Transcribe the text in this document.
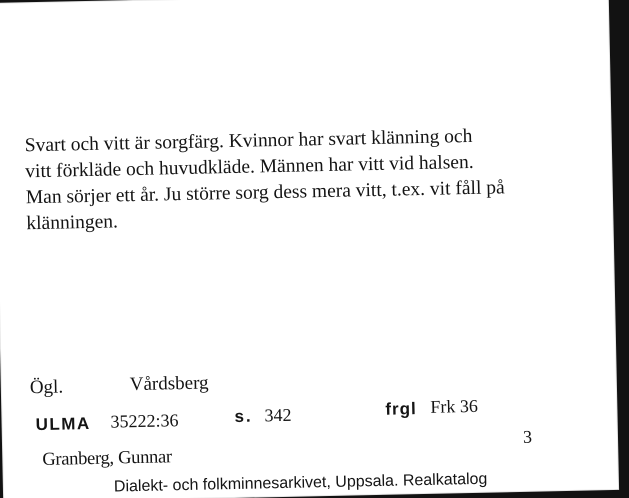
Svart och vitt är sorgfärg. Kvinnor har svart klänning och
vitt förkläde och huvudkläde. Männen har vitt vid halsen.
Man sörjer ett år. Ju större sorg dess mera vitt, t.ex. vit fåll på
klänningen.
Ögl.	Vårdsberg
ULMA 35222:36	s. 342	frgl Frk 36
Granberg, Gunnar
3
Dialekt- och folkminnesarkivet, Uppsala. Realkatalog
